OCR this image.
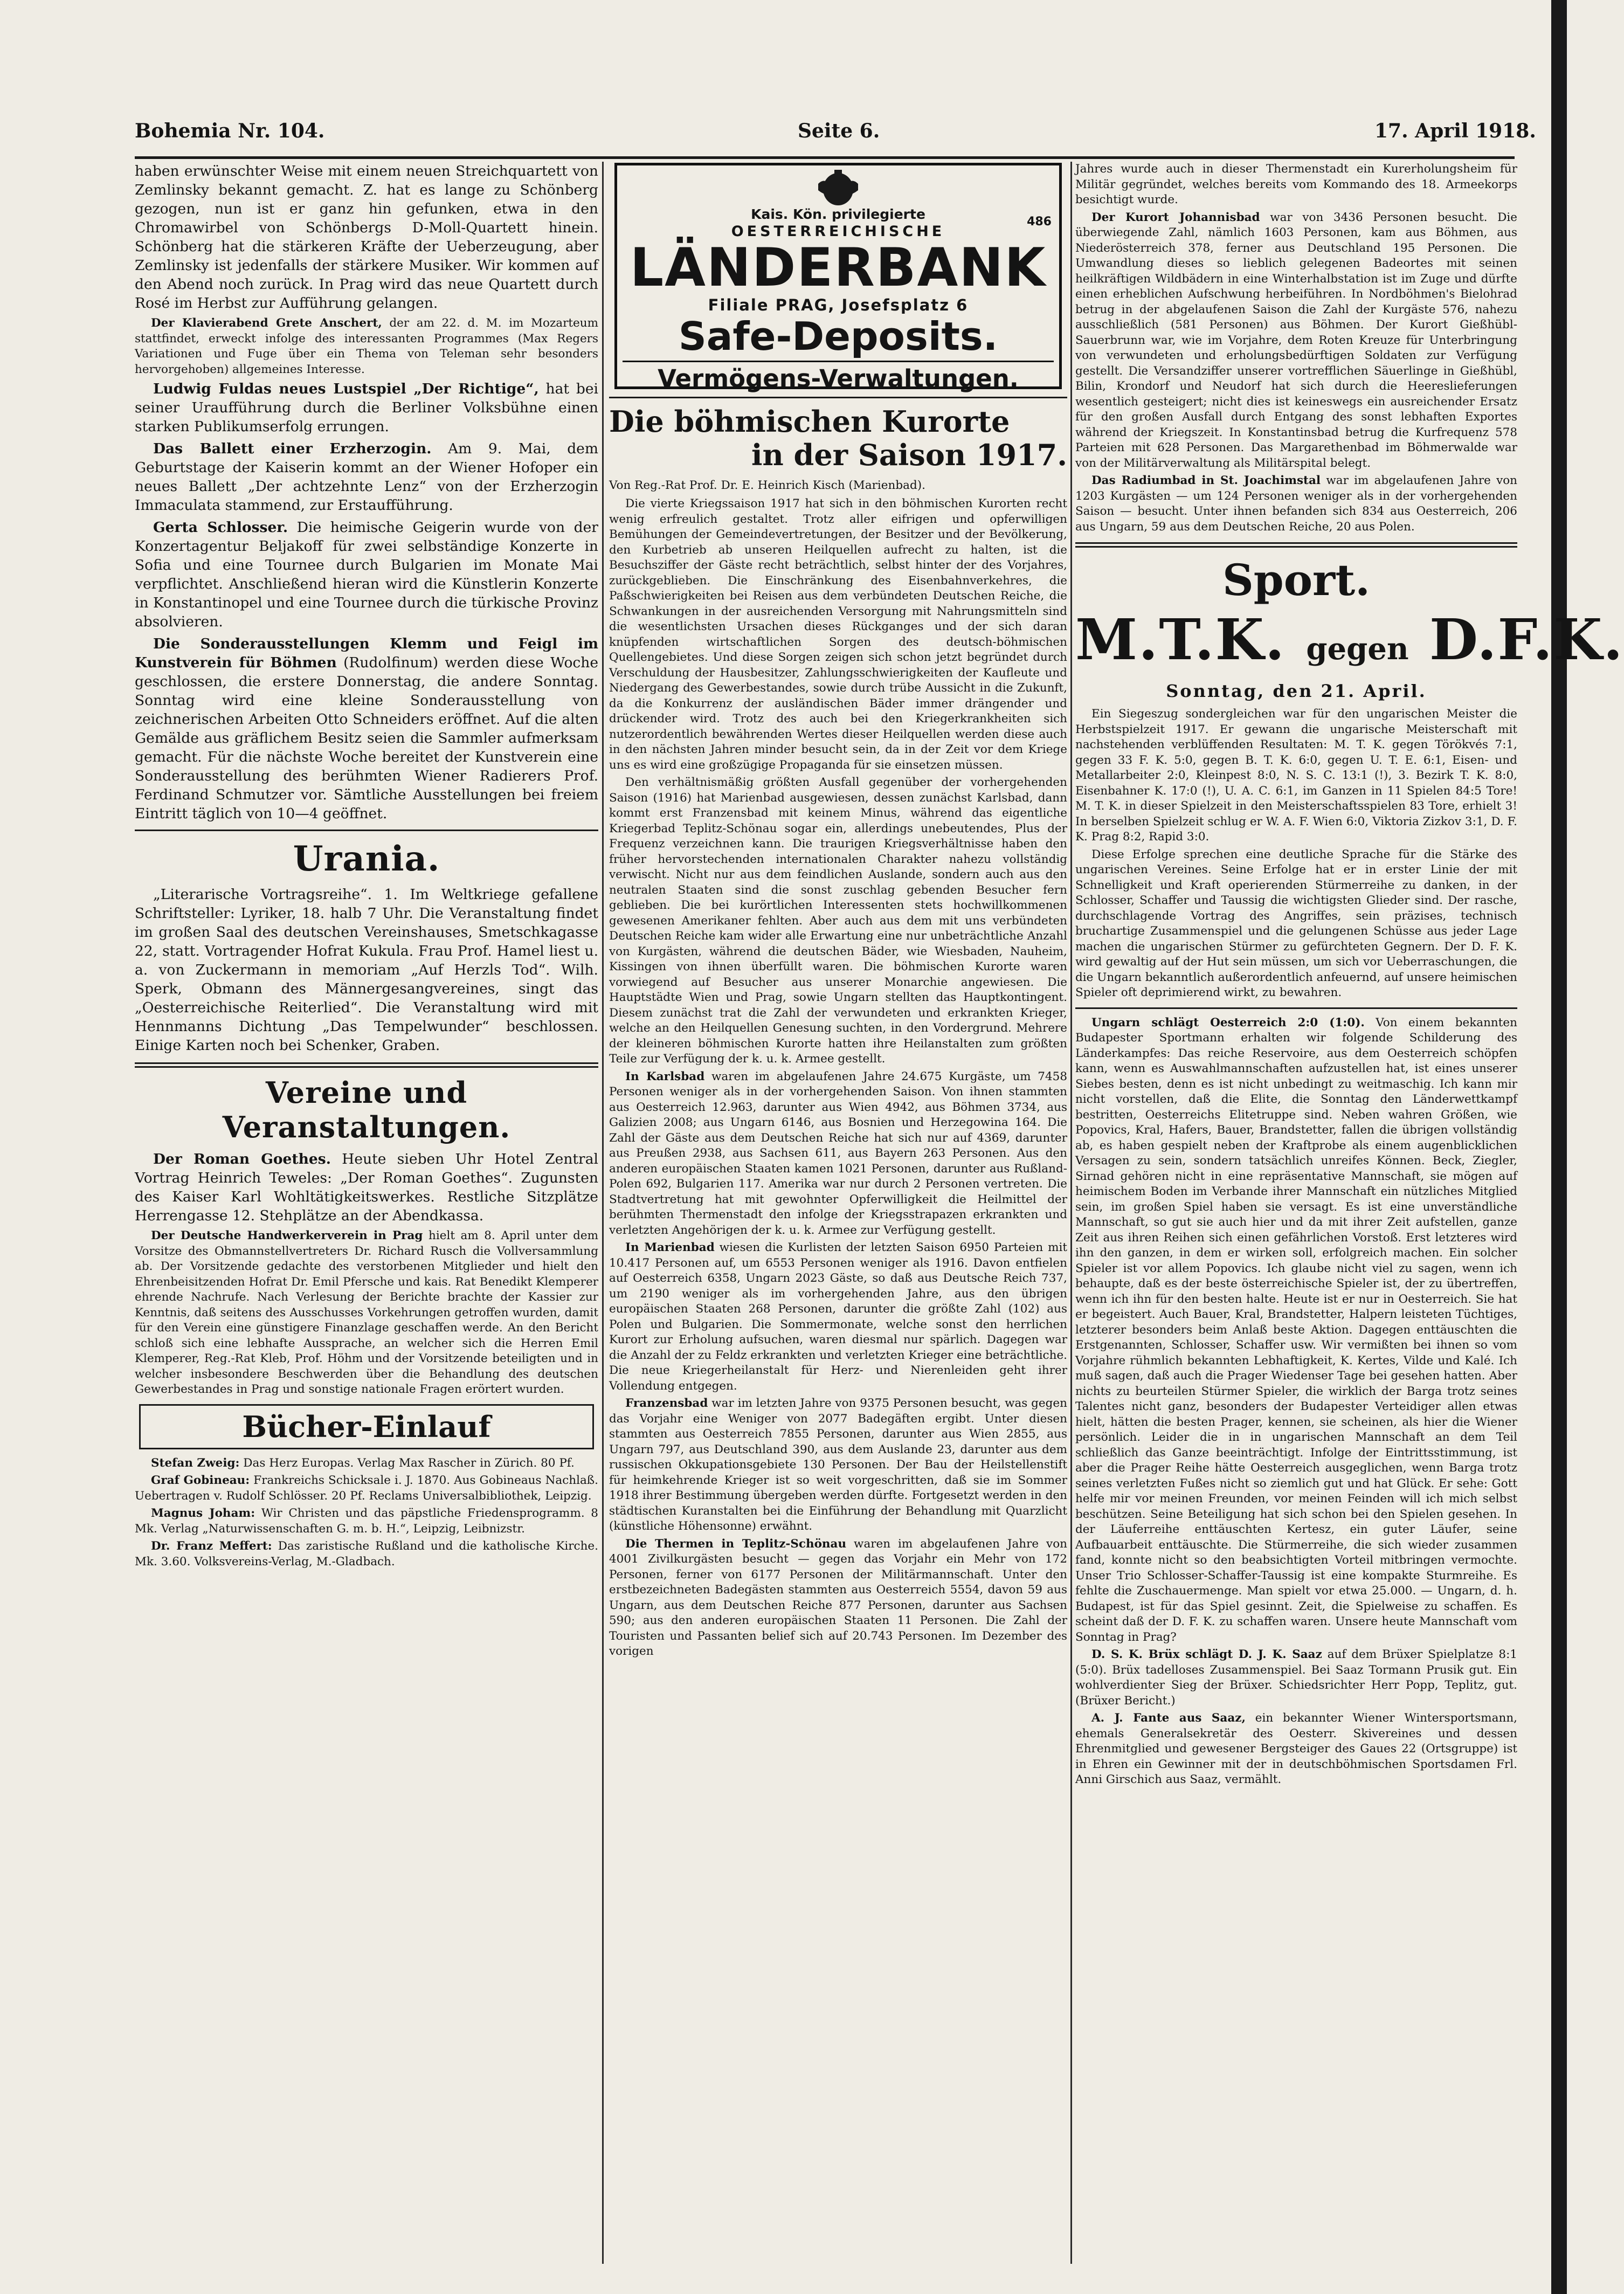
Bohemia Nr. 104.	Seite 6.	17. April 1918.

haben erwünschter Weise mit einem neuen Streichquartett von Zemlinsky bekannt gemacht. Z. hat es lange zu Schönberg gezogen, nun ist er ganz hin gefunken, etwa in den Chromawirbel von Schönbergs D-Moll-Quartett hinein. Schönberg hat die stärkeren Kräfte der Ueberzeugung, aber Zemlinsky ist jedenfalls der stärkere Musiker. Wir kommen auf den Abend noch zurück. In Prag wird das neue Quartett durch Rosé im Herbst zur Aufführung gelangen.

Der Klavierabend Grete Anschert, der am 22. d. M. im Mozarteum stattfindet, erweckt infolge des interessanten Programmes (Max Regers Variationen und Fuge über ein Thema von Teleman sehr besonders hervorgehoben) allgemeines Interesse.

Ludwig Fuldas neues Lustspiel „Der Richtige“, hat bei seiner Uraufführung durch die Berliner Volksbühne einen starken Publikumserfolg errungen.

Das Ballett einer Erzherzogin. Am 9. Mai, dem Geburtstage der Kaiserin kommt an der Wiener Hofoper ein neues Ballett „Der achtzehnte Lenz“ von der Erzherzogin Immaculata stammend, zur Erstaufführung.

Gerta Schlosser. Die heimische Geigerin wurde von der Konzertagentur Beljakoff für zwei selbständige Konzerte in Sofia und eine Tournee durch Bulgarien im Monate Mai verpflichtet. Anschließend hieran wird die Künstlerin Konzerte in Konstantinopel und eine Tournee durch die türkische Provinz absolvieren.

Die Sonderausstellungen Klemm und Feigl im Kunstverein für Böhmen (Rudolfinum) werden diese Woche geschlossen, die erstere Donnerstag, die andere Sonntag. Sonntag wird eine kleine Sonderausstellung von zeichnerischen Arbeiten Otto Schneiders eröffnet. Auf die alten Gemälde aus gräflichem Besitz seien die Sammler aufmerksam gemacht. Für die nächste Woche bereitet der Kunstverein eine Sonderausstellung des berühmten Wiener Radierers Prof. Ferdinand Schmutzer vor. Sämtliche Ausstellungen bei freiem Eintritt täglich von 10—4 geöffnet.

Urania.

„Literarische Vortragsreihe“. 1. Im Weltkriege gefallene Schriftsteller: Lyriker, 18. halb 7 Uhr. Die Veranstaltung findet im großen Saal des deutschen Vereinshauses, Smetschkagasse 22, statt. Vortragender Hofrat Kukula. Frau Prof. Hamel liest u. a. von Zuckermann in memoriam „Auf Herzls Tod“. Wilh. Sperk, Obmann des Männergesangvereines, singt das „Oesterreichische Reiterlied“. Die Veranstaltung wird mit Hennmanns Dichtung „Das Tempelwunder“ beschlossen. Einige Karten noch bei Schenker, Graben.

Vereine und Veranstaltungen.

Der Roman Goethes. Heute sieben Uhr Hotel Zentral Vortrag Heinrich Teweles: „Der Roman Goethes“. Zugunsten des Kaiser Karl Wohltätigkeitswerkes. Restliche Sitzplätze Herrengasse 12. Stehplätze an der Abendkassa.

Der Deutsche Handwerkerverein in Prag hielt am 8. April unter dem Vorsitze des Obmannstellvertreters Dr. Richard Rusch die Vollversammlung ab. Der Vorsitzende gedachte des verstorbenen Mitglieder und hielt den Ehrenbeisitzenden Hofrat Dr. Emil Pfersche und kais. Rat Benedikt Klemperer ehrende Nachrufe. Nach Verlesung der Berichte brachte der Kassier zur Kenntnis, daß seitens des Ausschusses Vorkehrungen getroffen wurden, damit für den Verein eine günstigere Finanzlage geschaffen werde. An den Bericht schloß sich eine lebhafte Aussprache, an welcher sich die Herren Emil Klemperer, Reg.-Rat Kleb, Prof. Höhm und der Vorsitzende beteiligten und in welcher insbesondere Beschwerden über die Behandlung des deutschen Gewerbestandes in Prag und sonstige nationale Fragen erörtert wurden.

Bücher-Einlauf

Stefan Zweig: Das Herz Europas. Verlag Max Rascher in Zürich. 80 Pf.

Graf Gobineau: Frankreichs Schicksale i. J. 1870. Aus Gobineaus Nachlaß. Uebertragen v. Rudolf Schlösser. 20 Pf. Reclams Universalbibliothek, Leipzig.

Magnus Joham: Wir Christen und das päpstliche Friedensprogramm. 8 Mk. Verlag „Naturwissenschaften G. m. b. H.“, Leipzig, Leibnizstr.

Dr. Franz Meffert: Das zaristische Rußland und die katholische Kirche. Mk. 3.60. Volksvereins-Verlag, M.-Gladbach.

Kais. Kön. privilegierte	486
OESTERREICHISCHE
LÄNDERBANK
Filiale PRAG, Josefsplatz 6
Safe-Deposits.
Vermögens-Verwaltungen.
Die böhmischen Kurorte
in der Saison 1917.
Von Reg.-Rat Prof. Dr. E. Heinrich Kisch (Marienbad).

Die vierte Kriegssaison 1917 hat sich in den böhmischen Kurorten recht wenig erfreulich gestaltet. Trotz aller eifrigen und opferwilligen Bemühungen der Gemeindevertretungen, der Besitzer und der Bevölkerung, den Kurbetrieb ab unseren Heilquellen aufrecht zu halten, ist die Besuchsziffer der Gäste recht beträchtlich, selbst hinter der des Vorjahres, zurückgeblieben. Die Einschränkung des Eisenbahnverkehres, die Paßschwierigkeiten bei Reisen aus dem verbündeten Deutschen Reiche, die Schwankungen in der ausreichenden Versorgung mit Nahrungsmitteln sind die wesentlichsten Ursachen dieses Rückganges und der sich daran knüpfenden wirtschaftlichen Sorgen des deutsch-böhmischen Quellengebietes. Und diese Sorgen zeigen sich schon jetzt begründet durch Verschuldung der Hausbesitzer, Zahlungsschwierigkeiten der Kaufleute und Niedergang des Gewerbestandes, sowie durch trübe Aussicht in die Zukunft, da die Konkurrenz der ausländischen Bäder immer drängender und drückender wird. Trotz des auch bei den Kriegerkrankheiten sich nutzerordentlich bewährenden Wertes dieser Heilquellen werden diese auch in den nächsten Jahren minder besucht sein, da in der Zeit vor dem Kriege uns es wird eine großzügige Propaganda für sie einsetzen müssen.

Den verhältnismäßig größten Ausfall gegenüber der vorhergehenden Saison (1916) hat Marienbad ausgewiesen, dessen zunächst Karlsbad, dann kommt erst Franzensbad mit keinem Minus, während das eigentliche Kriegerbad Teplitz-Schönau sogar ein, allerdings unebeutendes, Plus der Frequenz verzeichnen kann. Die traurigen Kriegsverhältnisse haben den früher hervorstechenden internationalen Charakter nahezu vollständig verwischt. Nicht nur aus dem feindlichen Auslande, sondern auch aus den neutralen Staaten sind die sonst zuschlag gebenden Besucher fern geblieben. Die bei kurörtlichen Interessenten stets hochwillkommenen gewesenen Amerikaner fehlten. Aber auch aus dem mit uns verbündeten Deutschen Reiche kam wider alle Erwartung eine nur unbeträchtliche Anzahl von Kurgästen, während die deutschen Bäder, wie Wiesbaden, Nauheim, Kissingen von ihnen überfüllt waren. Die böhmischen Kurorte waren vorwiegend auf Besucher aus unserer Monarchie angewiesen. Die Hauptstädte Wien und Prag, sowie Ungarn stellten das Hauptkontingent. Diesem zunächst trat die Zahl der verwundeten und erkrankten Krieger, welche an den Heilquellen Genesung suchten, in den Vordergrund. Mehrere der kleineren böhmischen Kurorte hatten ihre Heilanstalten zum größten Teile zur Verfügung der k. u. k. Armee gestellt.

In Karlsbad waren im abgelaufenen Jahre 24.675 Kurgäste, um 7458 Personen weniger als in der vorhergehenden Saison. Von ihnen stammten aus Oesterreich 12.963, darunter aus Wien 4942, aus Böhmen 3734, aus Galizien 2008; aus Ungarn 6146, aus Bosnien und Herzegowina 164. Die Zahl der Gäste aus dem Deutschen Reiche hat sich nur auf 4369, darunter aus Preußen 2938, aus Sachsen 611, aus Bayern 263 Personen. Aus den anderen europäischen Staaten kamen 1021 Personen, darunter aus Rußland-Polen 692, Bulgarien 117. Amerika war nur durch 2 Personen vertreten. Die Stadtvertretung hat mit gewohnter Opferwilligkeit die Heilmittel der berühmten Thermenstadt den infolge der Kriegsstrapazen erkrankten und verletzten Angehörigen der k. u. k. Armee zur Verfügung gestellt.

In Marienbad wiesen die Kurlisten der letzten Saison 6950 Parteien mit 10.417 Personen auf, um 6553 Personen weniger als 1916. Davon entfielen auf Oesterreich 6358, Ungarn 2023 Gäste, so daß aus Deutsche Reich 737, um 2190 weniger als im vorhergehenden Jahre, aus den übrigen europäischen Staaten 268 Personen, darunter die größte Zahl (102) aus Polen und Bulgarien. Die Sommermonate, welche sonst den herrlichen Kurort zur Erholung aufsuchen, waren diesmal nur spärlich. Dagegen war die Anzahl der zu Feldz erkrankten und verletzten Krieger eine beträchtliche. Die neue Kriegerheilanstalt für Herz- und Nierenleiden geht ihrer Vollendung entgegen.

Franzensbad war im letzten Jahre von 9375 Personen besucht, was gegen das Vorjahr eine Weniger von 2077 Badegäften ergibt. Unter diesen stammten aus Oesterreich 7855 Personen, darunter aus Wien 2855, aus Ungarn 797, aus Deutschland 390, aus dem Auslande 23, darunter aus dem russischen Okkupationsgebiete 130 Personen. Der Bau der Heilstellenstift für heimkehrende Krieger ist so weit vorgeschritten, daß sie im Sommer 1918 ihrer Bestimmung übergeben werden dürfte. Fortgesetzt werden in den städtischen Kuranstalten bei die Einführung der Behandlung mit Quarzlicht (künstliche Höhensonne) erwähnt.

Die Thermen in Teplitz-Schönau waren im abgelaufenen Jahre von 4001 Zivilkurgästen besucht — gegen das Vorjahr ein Mehr von 172 Personen, ferner von 6177 Personen der Militärmannschaft. Unter den erstbezeichneten Badegästen stammten aus Oesterreich 5554, davon 59 aus Ungarn, aus dem Deutschen Reiche 877 Personen, darunter aus Sachsen 590; aus den anderen europäischen Staaten 11 Personen. Die Zahl der Touristen und Passanten belief sich auf 20.743 Personen. Im Dezember des vorigen

Jahres wurde auch in dieser Thermenstadt ein Kurerholungsheim für Militär gegründet, welches bereits vom Kommando des 18. Armeekorps besichtigt wurde.

Der Kurort Johannisbad war von 3436 Personen besucht. Die überwiegende Zahl, nämlich 1603 Personen, kam aus Böhmen, aus Niederösterreich 378, ferner aus Deutschland 195 Personen. Die Umwandlung dieses so lieblich gelegenen Badeortes mit seinen heilkräftigen Wildbädern in eine Winterhalbstation ist im Zuge und dürfte einen erheblichen Aufschwung herbeiführen. In Nordböhmen's Bielohrad betrug in der abgelaufenen Saison die Zahl der Kurgäste 576, nahezu ausschließlich (581 Personen) aus Böhmen. Der Kurort Gießhübl-Sauerbrunn war, wie im Vorjahre, dem Roten Kreuze für Unterbringung von verwundeten und erholungsbedürftigen Soldaten zur Verfügung gestellt. Die Versandziffer unserer vortrefflichen Säuerlinge in Gießhübl, Bilin, Krondorf und Neudorf hat sich durch die Heereslieferungen wesentlich gesteigert; nicht dies ist keineswegs ein ausreichender Ersatz für den großen Ausfall durch Entgang des sonst lebhaften Exportes während der Kriegszeit. In Konstantinsbad betrug die Kurfrequenz 578 Parteien mit 628 Personen. Das Margarethenbad im Böhmerwalde war von der Militärverwaltung als Militärspital belegt.

Das Radiumbad in St. Joachimstal war im abgelaufenen Jahre von 1203 Kurgästen — um 124 Personen weniger als in der vorhergehenden Saison — besucht. Unter ihnen befanden sich 834 aus Oesterreich, 206 aus Ungarn, 59 aus dem Deutschen Reiche, 20 aus Polen.

Sport.
M.T.K. gegen D.F.K.
Sonntag, den 21. April.

Ein Siegeszug sondergleichen war für den ungarischen Meister die Herbstspielzeit 1917. Er gewann die ungarische Meisterschaft mit nachstehenden verblüffenden Resultaten: M. T. K. gegen Törökvés 7:1, gegen 33 F. K. 5:0, gegen B. T. K. 6:0, gegen U. T. E. 6:1, Eisen- und Metallarbeiter 2:0, Kleinpest 8:0, N. S. C. 13:1 (!), 3. Bezirk T. K. 8:0, Eisenbahner K. 17:0 (!), U. A. C. 6:1, im Ganzen in 11 Spielen 84:5 Tore! M. T. K. in dieser Spielzeit in den Meisterschaftsspielen 83 Tore, erhielt 3! In berselben Spielzeit schlug er W. A. F. Wien 6:0, Viktoria Zizkov 3:1, D. F. K. Prag 8:2, Rapid 3:0.

Diese Erfolge sprechen eine deutliche Sprache für die Stärke des ungarischen Vereines. Seine Erfolge hat er in erster Linie der mit Schnelligkeit und Kraft operierenden Stürmerreihe zu danken, in der Schlosser, Schaffer und Taussig die wichtigsten Glieder sind. Der rasche, durchschlagende Vortrag des Angriffes, sein präzises, technisch bruchartige Zusammenspiel und die gelungenen Schüsse aus jeder Lage machen die ungarischen Stürmer zu gefürchteten Gegnern. Der D. F. K. wird gewaltig auf der Hut sein müssen, um sich vor Ueberraschungen, die die Ungarn bekanntlich außerordentlich anfeuernd, auf unsere heimischen Spieler oft deprimierend wirkt, zu bewahren.

Ungarn schlägt Oesterreich 2:0 (1:0). Von einem bekannten Budapester Sportmann erhalten wir folgende Schilderung des Länderkampfes: Das reiche Reservoire, aus dem Oesterreich schöpfen kann, wenn es Auswahlmannschaften aufzustellen hat, ist eines unserer Siebes besten, denn es ist nicht unbedingt zu weitmaschig. Ich kann mir nicht vorstellen, daß die Elite, die Sonntag den Länderwettkampf bestritten, Oesterreichs Elitetruppe sind. Neben wahren Größen, wie Popovics, Kral, Hafers, Bauer, Brandstetter, fallen die übrigen vollständig ab, es haben gespielt neben der Kraftprobe als einem augenblicklichen Versagen zu sein, sondern tatsächlich unreifes Können. Beck, Ziegler, Sirnad gehören nicht in eine repräsentative Mannschaft, sie mögen auf heimischem Boden im Verbande ihrer Mannschaft ein nützliches Mitglied sein, im großen Spiel haben sie versagt. Es ist eine unverständliche Mannschaft, so gut sie auch hier und da mit ihrer Zeit aufstellen, ganze Zeit aus ihren Reihen sich einen gefährlichen Vorstoß. Erst letzteres wird ihn den ganzen, in dem er wirken soll, erfolgreich machen. Ein solcher Spieler ist vor allem Popovics. Ich glaube nicht viel zu sagen, wenn ich behaupte, daß es der beste österreichische Spieler ist, der zu übertreffen, wenn ich ihn für den besten halte. Heute ist er nur in Oesterreich. Sie hat er begeistert. Auch Bauer, Kral, Brandstetter, Halpern leisteten Tüchtiges, letzterer besonders beim Anlaß beste Aktion. Dagegen enttäuschten die Erstgenannten, Schlosser, Schaffer usw. Wir vermißten bei ihnen so vom Vorjahre rühmlich bekannten Lebhaftigkeit, K. Kertes, Vilde und Kalé. Ich muß sagen, daß auch die Prager Wiedenser Tage bei gesehen hatten. Aber nichts zu beurteilen Stürmer Spieler, die wirklich der Barga trotz seines Talentes nicht ganz, besonders der Budapester Verteidiger allen etwas hielt, hätten die besten Prager, kennen, sie scheinen, als hier die Wiener persönlich. Leider die in in ungarischen Mannschaft an dem Teil schließlich das Ganze beeinträchtigt. Infolge der Eintrittsstimmung, ist aber die Prager Reihe hätte Oesterreich ausgeglichen, wenn Barga trotz seines verletzten Fußes nicht so ziemlich gut und hat Glück. Er sehe: Gott helfe mir vor meinen Freunden, vor meinen Feinden will ich mich selbst beschützen. Seine Beteiligung hat sich schon bei den Spielen gesehen. In der Läuferreihe enttäuschten Kertesz, ein guter Läufer, seine Aufbauarbeit enttäuschte. Die Stürmerreihe, die sich wieder zusammen fand, konnte nicht so den beabsichtigten Vorteil mitbringen vermochte. Unser Trio Schlosser-Schaffer-Taussig ist eine kompakte Sturmreihe. Es fehlte die Zuschauermenge. Man spielt vor etwa 25.000. — Ungarn, d. h. Budapest, ist für das Spiel gesinnt. Zeit, die Spielweise zu schaffen. Es scheint daß der D. F. K. zu schaffen waren. Unsere heute Mannschaft vom Sonntag in Prag?

D. S. K. Brüx schlägt D. J. K. Saaz auf dem Brüxer Spielplatze 8:1 (5:0). Brüx tadelloses Zusammenspiel. Bei Saaz Tormann Prusik gut. Ein wohlverdienter Sieg der Brüxer. Schiedsrichter Herr Popp, Teplitz, gut. (Brüxer Bericht.)

A. J. Fante aus Saaz, ein bekannter Wiener Wintersportsmann, ehemals Generalsekretär des Oesterr. Skivereines und dessen Ehrenmitglied und gewesener Bergsteiger des Gaues 22 (Ortsgruppe) ist in Ehren ein Gewinner mit der in deutschböhmischen Sportsdamen Frl. Anni Girschich aus Saaz, vermählt.
